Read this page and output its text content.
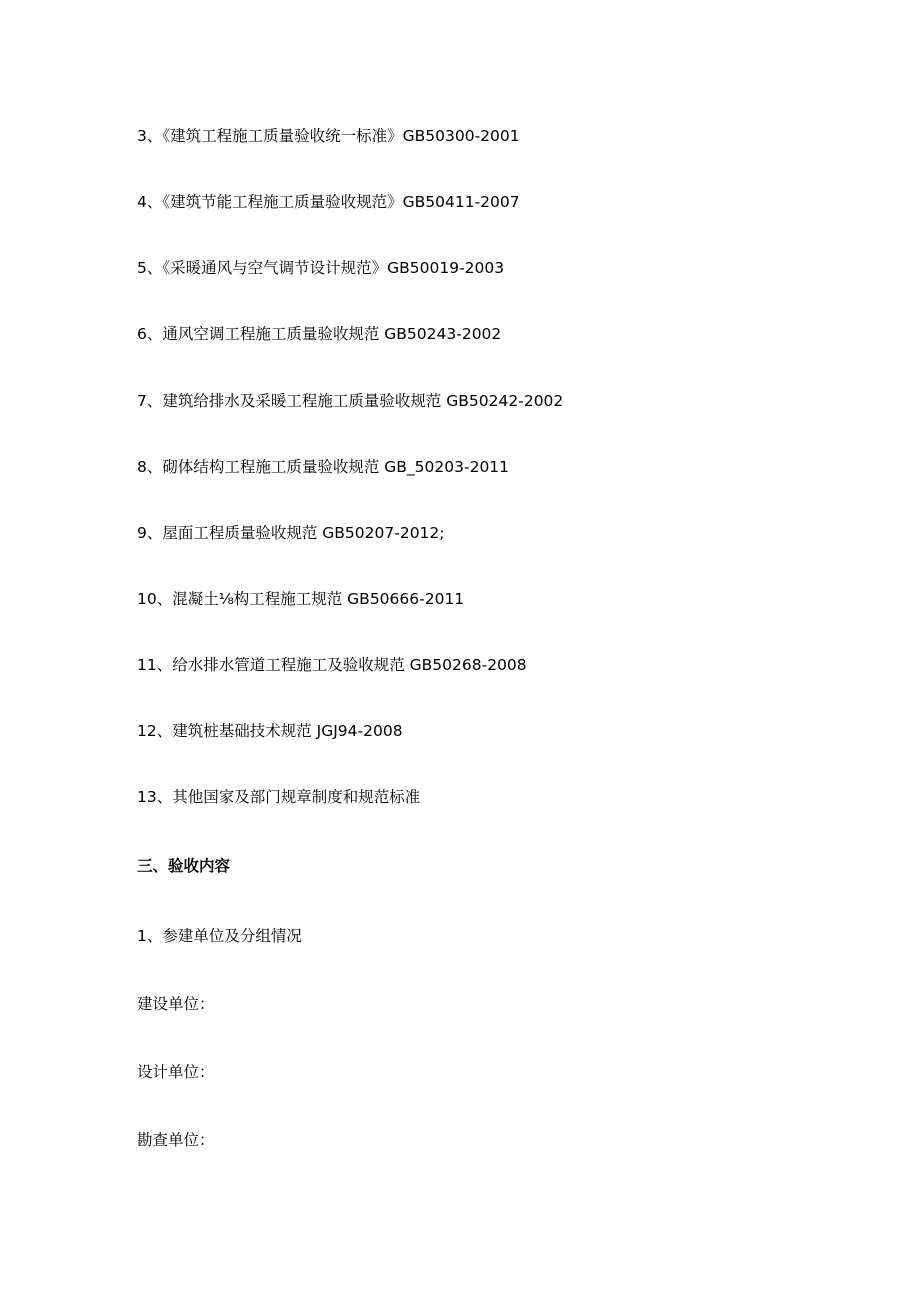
3、《建筑工程施工质量验收统一标准》GB50300-2001
4、《建筑节能工程施工质量验收规范》GB50411-2007
5、《采暖通风与空气调节设计规范》GB50019-2003
6、通风空调工程施工质量验收规范 GB50243-2002
7、建筑给排水及采暖工程施工质量验收规范 GB50242-2002
8、砌体结构工程施工质量验收规范 GB_50203-2011
9、屋面工程质量验收规范 GB50207-2012;
10、混凝土⅛构工程施工规范 GB50666-2011
11、给水排水管道工程施工及验收规范 GB50268-2008
12、建筑桩基础技术规范 JGJ94-2008
13、其他国家及部门规章制度和规范标准
三、验收内容
1、参建单位及分组情况
建设单位：
设计单位：
勘查单位：
